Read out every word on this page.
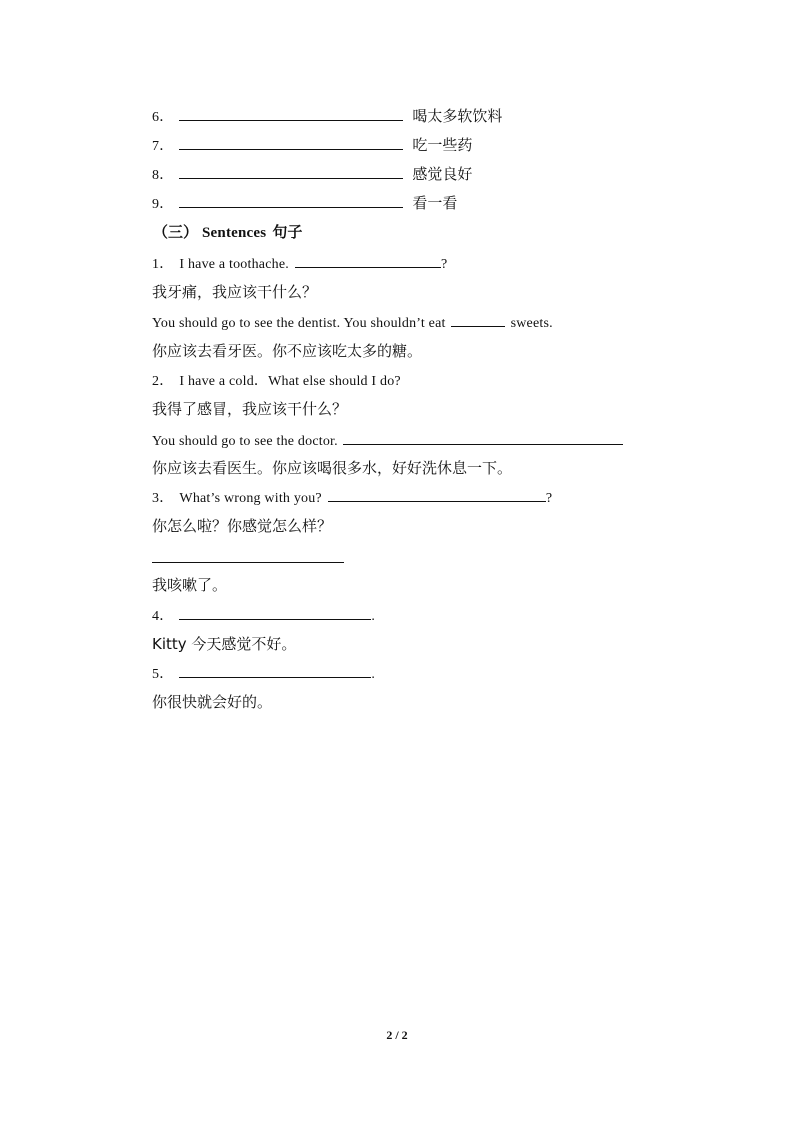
6．	喝太多软饮料
7．	吃一些药
8．	感觉良好
9．	看一看
（三） Sentences 句子
1． I have a toothache.	?
我牙痛，我应该干什么？
You should go to see the dentist. You shouldn’t eat	sweets.
你应该去看牙医。你不应该吃太多的糖。
2． I have a cold．What else should I do?
我得了感冒，我应该干什么？
You should go to see the doctor.
你应该去看医生。你应该喝很多水，好好洗休息一下。
3． What’s wrong with you?	?
你怎么啦？你感觉怎么样？
我咳嗽了。
4．	.
Kitty 今天感觉不好。
5．	.
你很快就会好的。
2 / 2
